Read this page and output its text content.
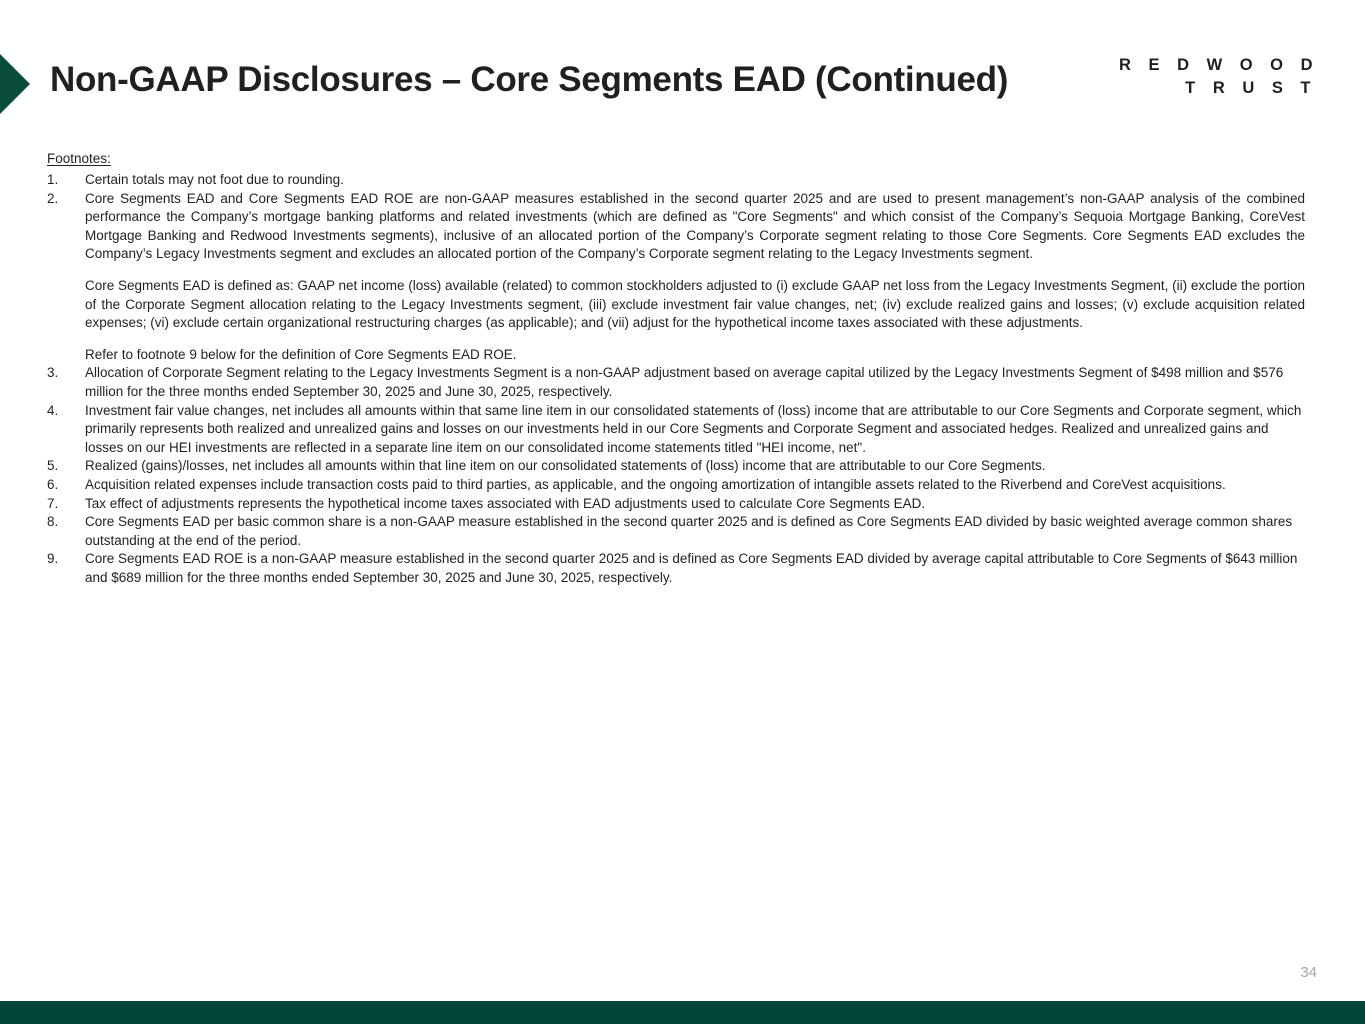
Non-GAAP Disclosures – Core Segments EAD (Continued)	R E D W O O D
T R U S T
Footnotes:
1.	Certain totals may not foot due to rounding.
2.	Core Segments EAD and Core Segments EAD ROE are non-GAAP measures established in the second quarter 2025 and are used to present management’s non-GAAP analysis of the combined performance the Company’s mortgage banking platforms and related investments (which are defined as "Core Segments" and which consist of the Company’s Sequoia Mortgage Banking, CoreVest Mortgage Banking and Redwood Investments segments), inclusive of an allocated portion of the Company’s Corporate segment relating to those Core Segments. Core Segments EAD excludes the Company’s Legacy Investments segment and excludes an allocated portion of the Company’s Corporate segment relating to the Legacy Investments segment.
Core Segments EAD is defined as: GAAP net income (loss) available (related) to common stockholders adjusted to (i) exclude GAAP net loss from the Legacy Investments Segment, (ii) exclude the portion of the Corporate Segment allocation relating to the Legacy Investments segment, (iii) exclude investment fair value changes, net; (iv) exclude realized gains and losses; (v) exclude acquisition related expenses; (vi) exclude certain organizational restructuring charges (as applicable); and (vii) adjust for the hypothetical income taxes associated with these adjustments.
Refer to footnote 9 below for the definition of Core Segments EAD ROE.
3.	Allocation of Corporate Segment relating to the Legacy Investments Segment is a non-GAAP adjustment based on average capital utilized by the Legacy Investments Segment of $498 million and $576 million for the three months ended September 30, 2025 and June 30, 2025, respectively.
4.	Investment fair value changes, net includes all amounts within that same line item in our consolidated statements of (loss) income that are attributable to our Core Segments and Corporate segment, which primarily represents both realized and unrealized gains and losses on our investments held in our Core Segments and Corporate Segment and associated hedges. Realized and unrealized gains and losses on our HEI investments are reflected in a separate line item on our consolidated income statements titled "HEI income, net".
5.	Realized (gains)/losses, net includes all amounts within that line item on our consolidated statements of (loss) income that are attributable to our Core Segments.
6.	Acquisition related expenses include transaction costs paid to third parties, as applicable, and the ongoing amortization of intangible assets related to the Riverbend and CoreVest acquisitions.
7.	Tax effect of adjustments represents the hypothetical income taxes associated with EAD adjustments used to calculate Core Segments EAD.
8.	Core Segments EAD per basic common share is a non-GAAP measure established in the second quarter 2025 and is defined as Core Segments EAD divided by basic weighted average common shares outstanding at the end of the period.
9.	Core Segments EAD ROE is a non-GAAP measure established in the second quarter 2025 and is defined as Core Segments EAD divided by average capital attributable to Core Segments of $643 million and $689 million for the three months ended September 30, 2025 and June 30, 2025, respectively.
34
